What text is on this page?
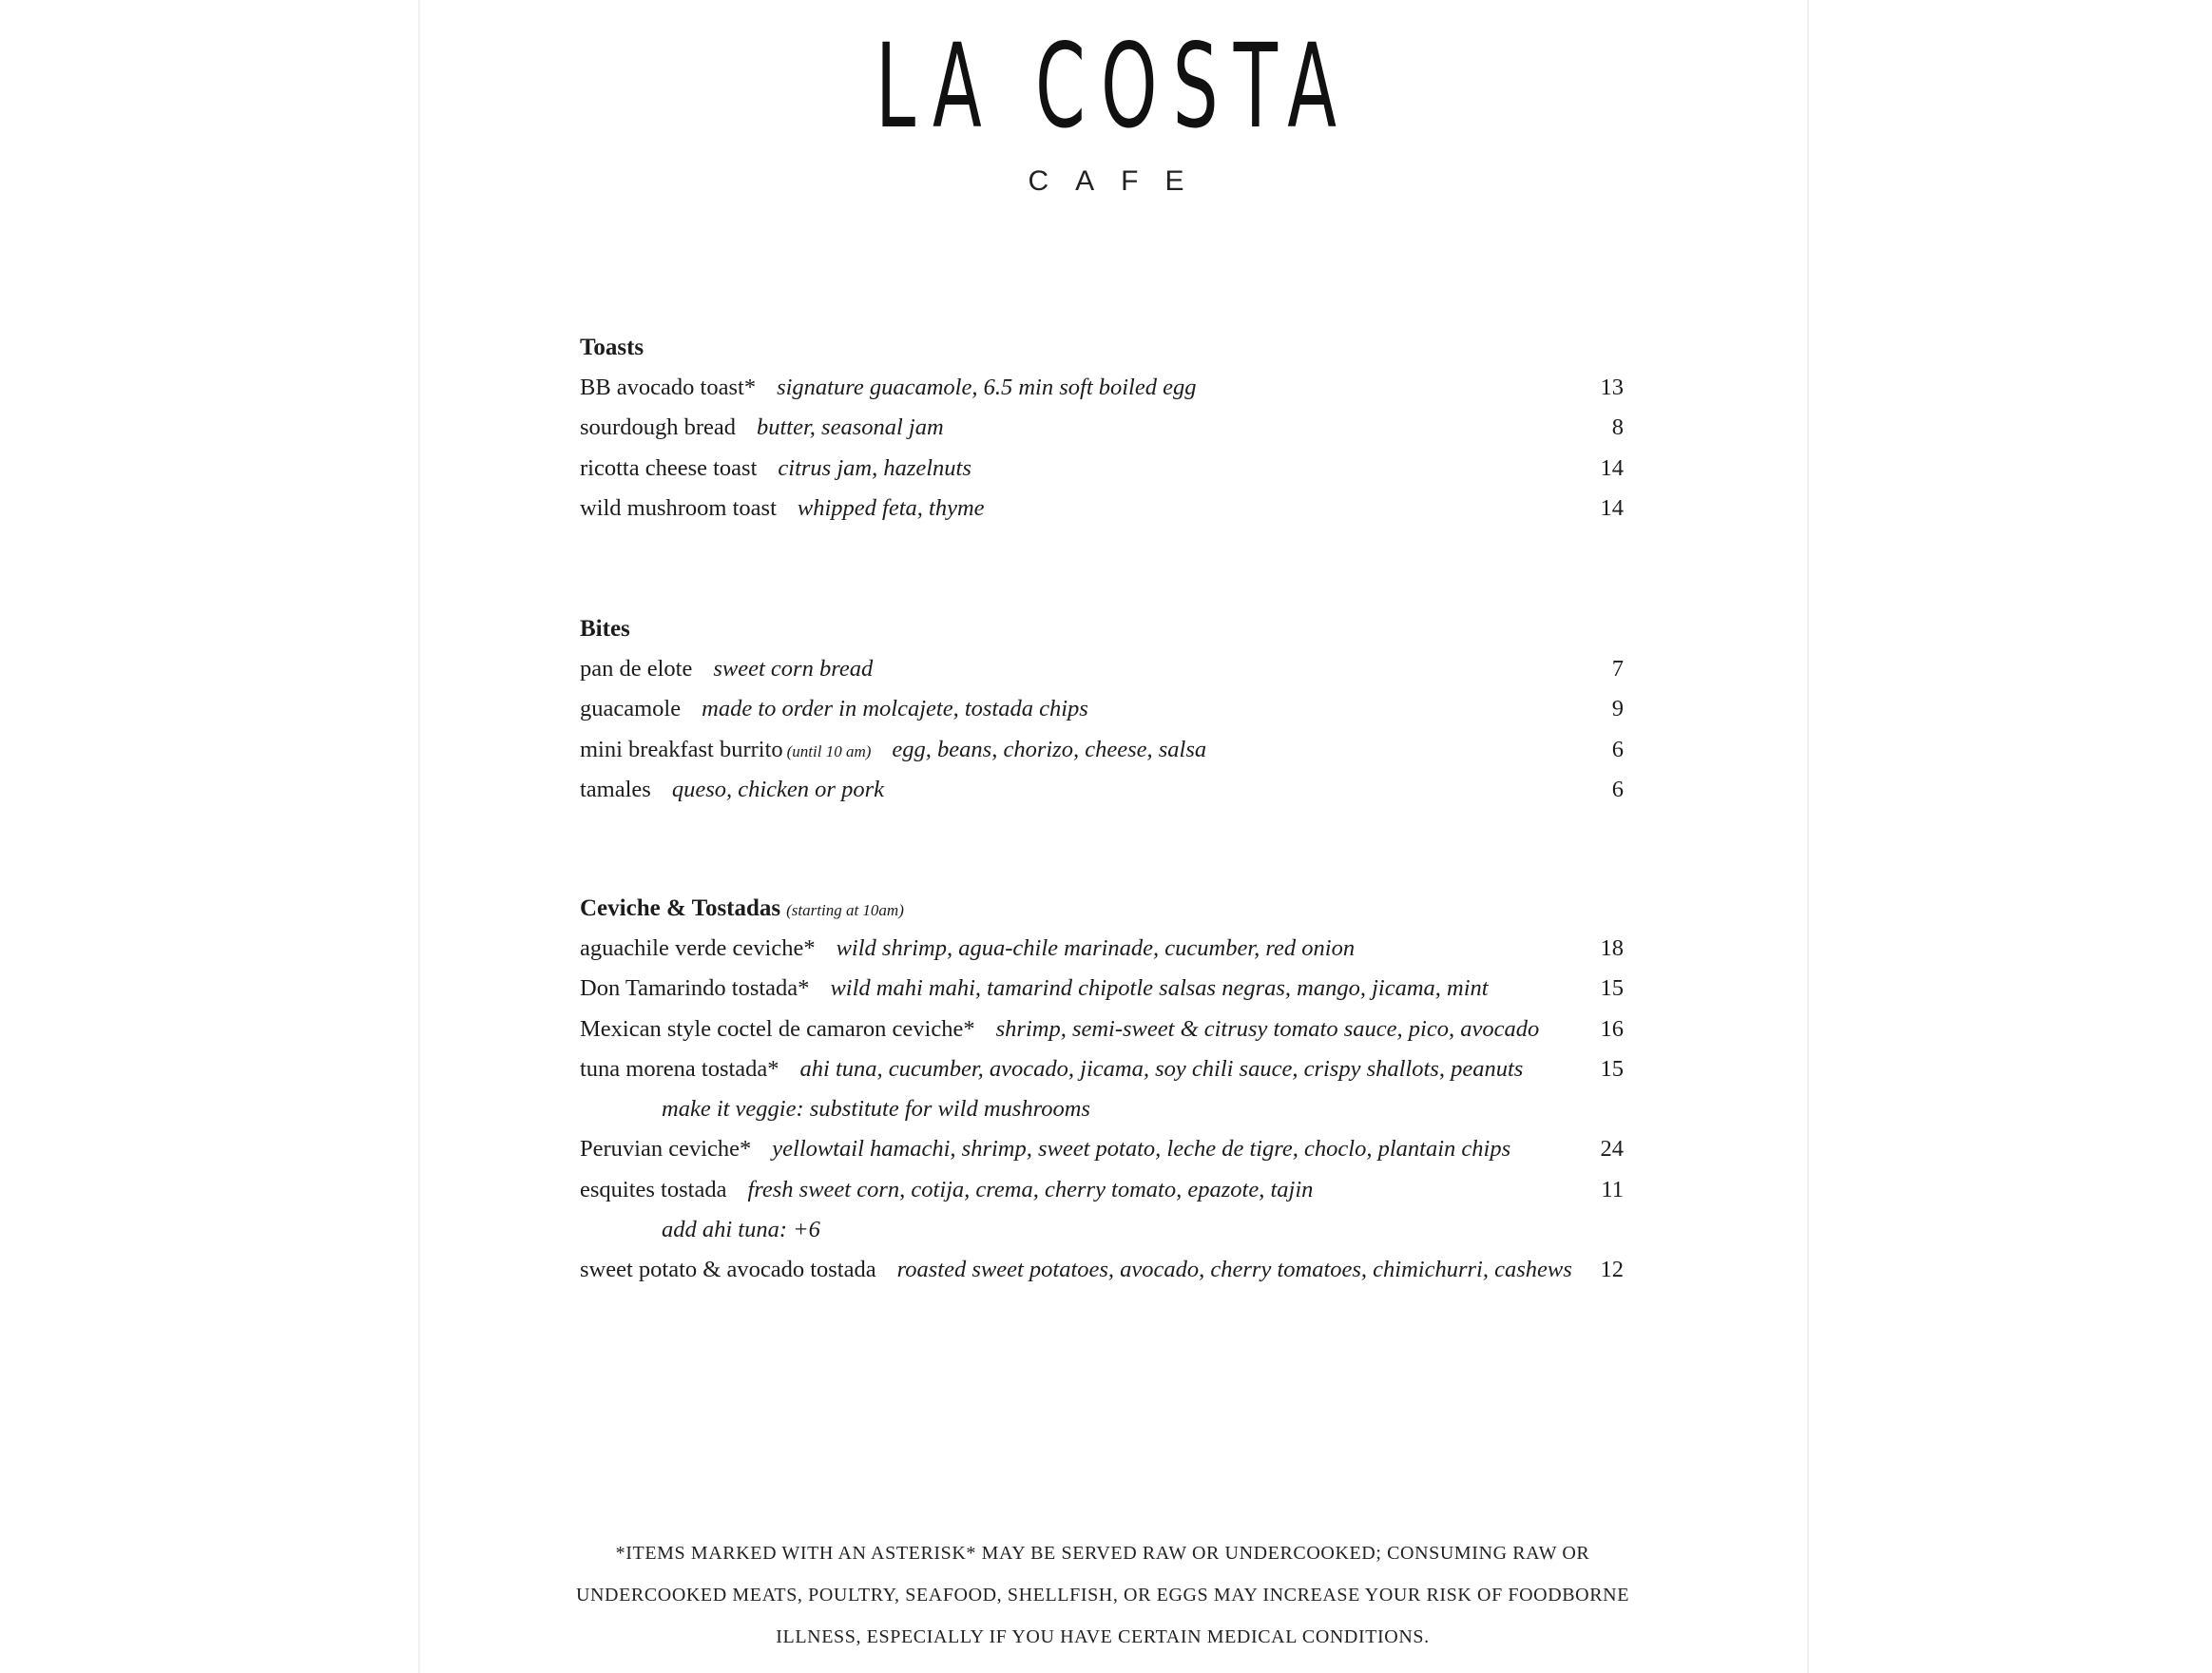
LA COSTA
CAFE
Toasts
BB avocado toast* signature guacamole, 6.5 min soft boiled egg	13
sourdough bread butter, seasonal jam	8
ricotta cheese toast citrus jam, hazelnuts	14
wild mushroom toast whipped feta, thyme	14
Bites
pan de elote sweet corn bread	7
guacamole made to order in molcajete, tostada chips	9
mini breakfast burrito (until 10 am) egg, beans, chorizo, cheese, salsa	6
tamales queso, chicken or pork	6
Ceviche & Tostadas (starting at 10am)
aguachile verde ceviche* wild shrimp, agua-chile marinade, cucumber, red onion	18
Don Tamarindo tostada* wild mahi mahi, tamarind chipotle salsas negras, mango, jicama, mint	15
Mexican style coctel de camaron ceviche* shrimp, semi-sweet & citrusy tomato sauce, pico, avocado	16
tuna morena tostada* ahi tuna, cucumber, avocado, jicama, soy chili sauce, crispy shallots, peanuts	15
make it veggie: substitute for wild mushrooms
Peruvian ceviche* yellowtail hamachi, shrimp, sweet potato, leche de tigre, choclo, plantain chips	24
esquites tostada fresh sweet corn, cotija, crema, cherry tomato, epazote, tajin	11
add ahi tuna: +6
sweet potato & avocado tostada roasted sweet potatoes, avocado, cherry tomatoes, chimichurri, cashews 12
*ITEMS MARKED WITH AN ASTERISK* MAY BE SERVED RAW OR UNDERCOOKED; CONSUMING RAW OR
UNDERCOOKED MEATS, POULTRY, SEAFOOD, SHELLFISH, OR EGGS MAY INCREASE YOUR RISK OF FOODBORNE
ILLNESS, ESPECIALLY IF YOU HAVE CERTAIN MEDICAL CONDITIONS.
